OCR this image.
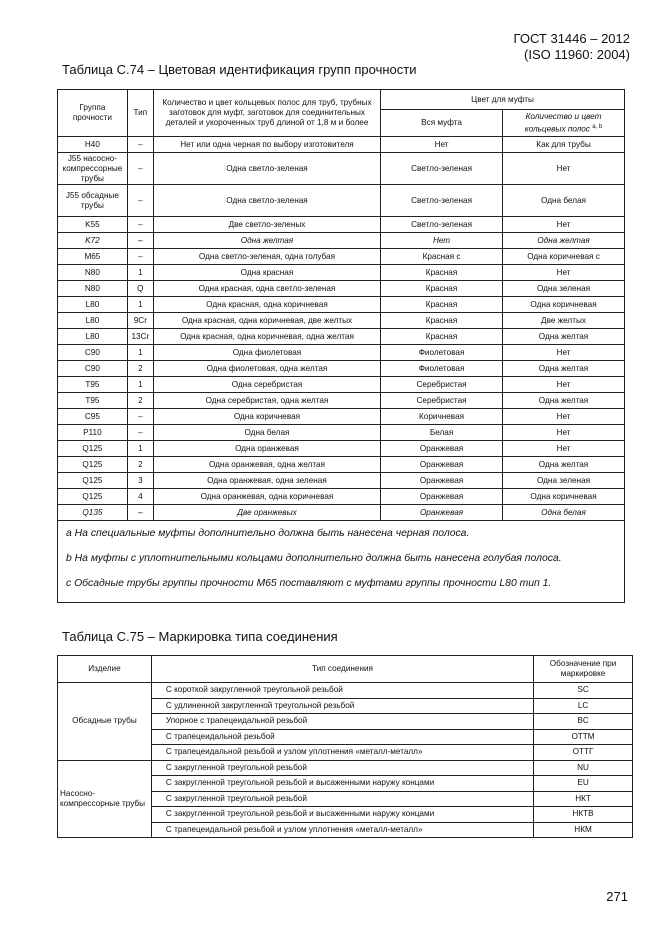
ГОСТ 31446 – 2012
(ISO 11960: 2004)
Таблица С.74 – Цветовая идентификация групп прочности
Группа прочности	Тип	Количество и цвет кольцевых полос для труб, трубных заготовок для муфт, заготовок для соединительных деталей и укороченных труб длиной от 1,8 м и более	Цвет для муфты	
			Вся муфта	Количество и цвет кольцевых полос $^{a, b}$
Н40	–	Нет или одна черная по выбору изготовителя	Нет	Как для трубы
J55 насосно-компрессорные трубы	–	Одна светло-зеленая	Светло-зеленая	Нет
J55 обсадные трубы	–	Одна светло-зеленая	Светло-зеленая	Одна белая
K55	–	Две светло-зеленых	Светло-зеленая	Нет
K72	–	Одна желтая	Нет	Одна желтая
M65	–	Одна светло-зеленая, одна голубая	Красная с	Одна коричневая с
N80	1	Одна красная	Красная	Нет
N80	Q	Одна красная, одна светло-зеленая	Красная	Одна зеленая
L80	1	Одна красная, одна коричневая	Красная	Одна коричневая
L80	9Cr	Одна красная, одна коричневая, две желтых	Красная	Две желтых
L80	13Cr	Одна красная, одна коричневая, одна желтая	Красная	Одна желтая
C90	1	Одна фиолетовая	Фиолетовая	Нет
C90	2	Одна фиолетовая, одна желтая	Фиолетовая	Одна желтая
T95	1	Одна серебристая	Серебристая	Нет
T95	2	Одна серебристая, одна желтая	Серебристая	Одна желтая
C95	–	Одна коричневая	Коричневая	Нет
P110	–	Одна белая	Белая	Нет
Q125	1	Одна оранжевая	Оранжевая	Нет
Q125	2	Одна оранжевая, одна желтая	Оранжевая	Одна желтая
Q125	3	Одна оранжевая, одна зеленая	Оранжевая	Одна зеленая
Q125	4	Одна оранжевая, одна коричневая	Оранжевая	Одна коричневая
Q135	–	Две оранжевых	Оранжевая	Одна белая

а На специальные муфты дополнительно должна быть нанесена черная полоса.

b На муфты с уплотнительными кольцами дополнительно должна быть нанесена голубая полоса.

с Обсадные трубы группы прочности М65 поставляют с муфтами группы прочности L80 тип 1.				

Таблица С.75 – Маркировка типа соединения
Изделие	Тип соединения	Обозначение при маркировке
Обсадные трубы	С короткой закругленной треугольной резьбой	SC
	С удлиненной закругленной треугольной резьбой	LC
	Упорное с трапецеидальной резьбой	BC
	С трапецеидальной резьбой	ОТТМ
	С трапецеидальной резьбой и узлом уплотнения «металл-металл»	ОТТГ
Насосно-компрессорные трубы	С закругленной треугольной резьбой	NU
	С закругленной треугольной резьбой и высаженными наружу концами	EU
	С закругленной треугольной резьбой	НКТ
	С закругленной треугольной резьбой и высаженными наружу концами	НКТВ
	С трапецеидальной резьбой и узлом уплотнения «металл-металл»	НКМ
271
